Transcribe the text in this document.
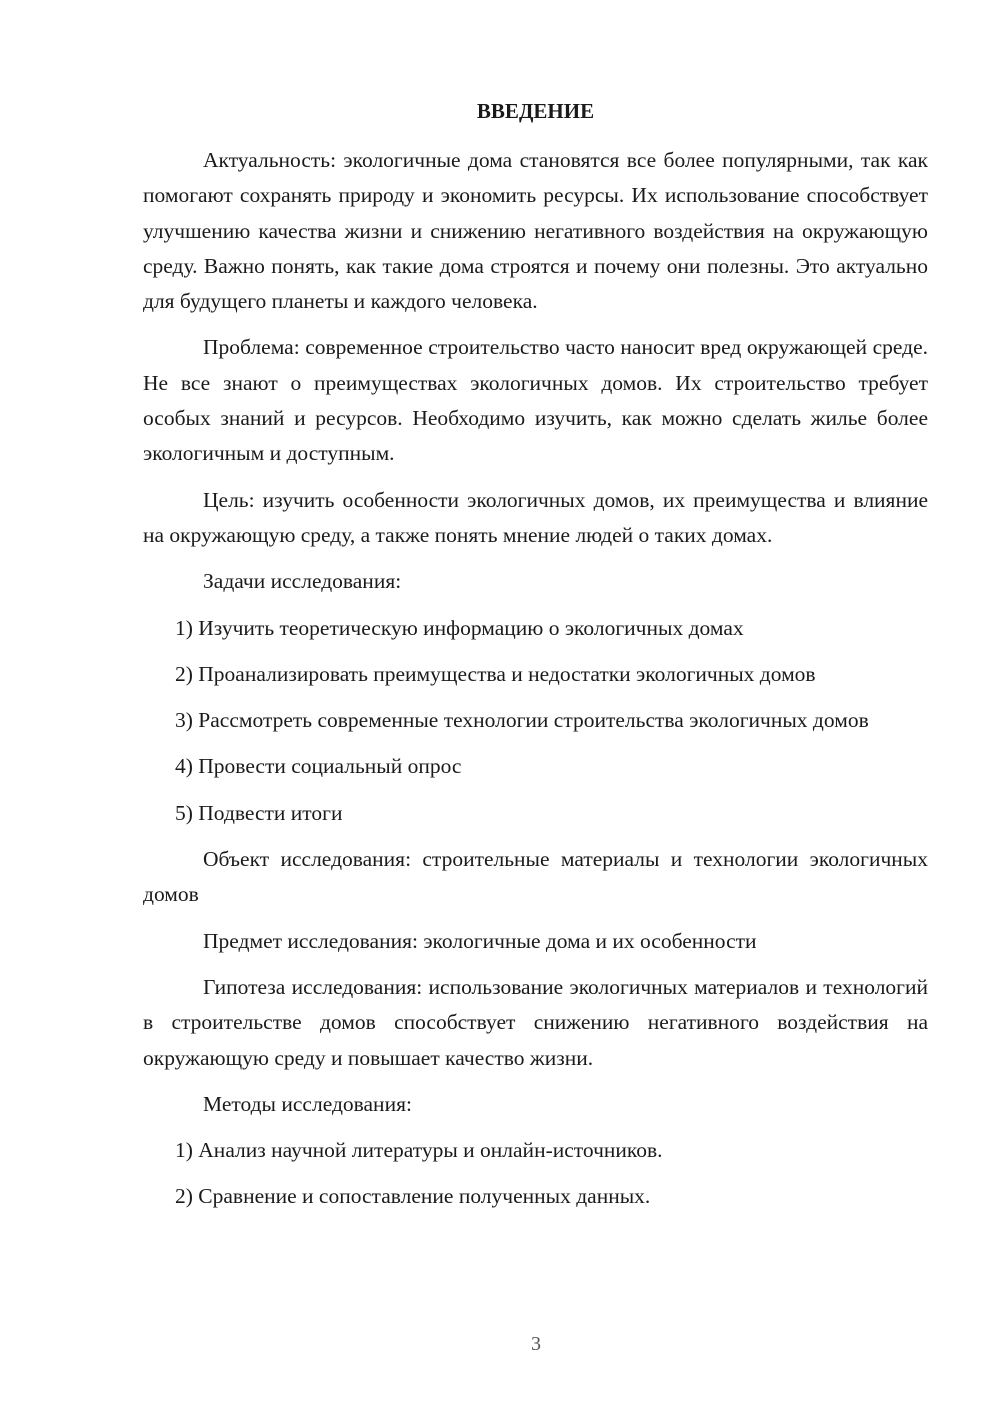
ВВЕДЕНИЕ

Актуальность: экологичные дома становятся все более популярными, так как помогают сохранять природу и экономить ресурсы. Их использование способствует улучшению качества жизни и снижению негативного воздействия на окружающую среду. Важно понять, как такие дома строятся и почему они полезны. Это актуально для будущего планеты и каждого человека.

Проблема: современное строительство часто наносит вред окружающей среде. Не все знают о преимуществах экологичных домов. Их строительство требует особых знаний и ресурсов. Необходимо изучить, как можно сделать жилье более экологичным и доступным.

Цель: изучить особенности экологичных домов, их преимущества и влияние на окружающую среду, а также понять мнение людей о таких домах.

Задачи исследования:

1) Изучить теоретическую информацию о экологичных домах

2) Проанализировать преимущества и недостатки экологичных домов

3) Рассмотреть современные технологии строительства экологичных домов

4) Провести социальный опрос

5) Подвести итоги

Объект исследования: строительные материалы и технологии экологичных домов

Предмет исследования: экологичные дома и их особенности

Гипотеза исследования: использование экологичных материалов и технологий в строительстве домов способствует снижению негативного воздействия на окружающую среду и повышает качество жизни.

Методы исследования:

1) Анализ научной литературы и онлайн-источников.

2) Сравнение и сопоставление полученных данных.

3
